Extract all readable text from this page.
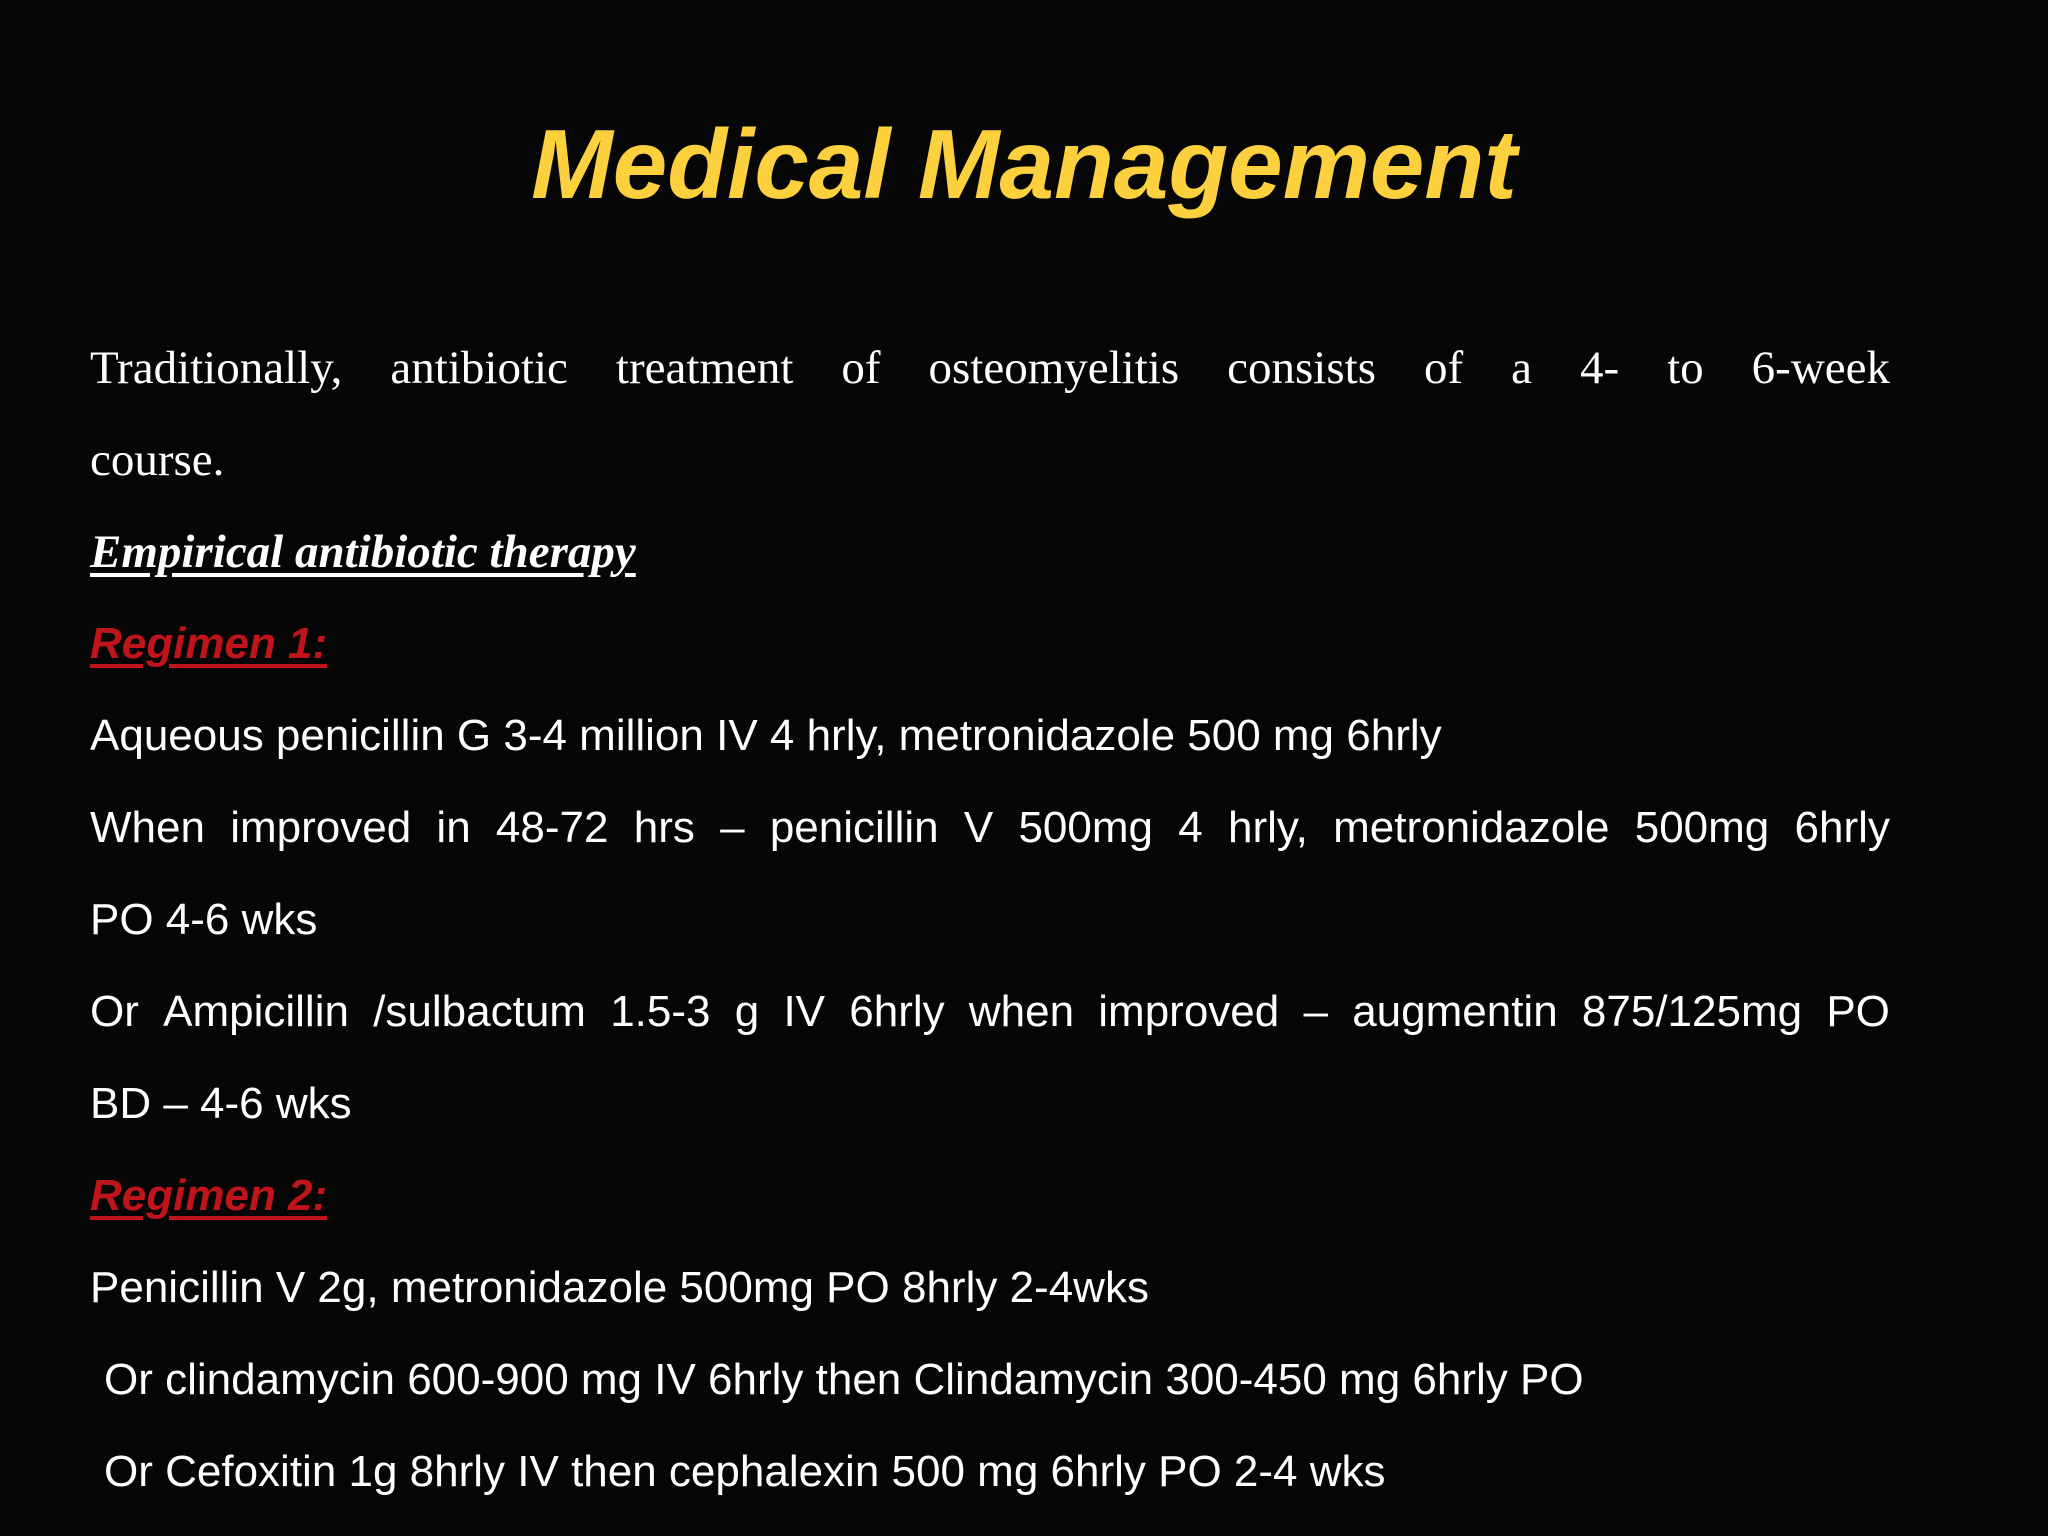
Medical Management
Traditionally, antibiotic treatment of osteomyelitis consists of a 4- to 6-week
course.
Empirical antibiotic therapy
Regimen 1:
Aqueous penicillin G 3-4 million IV 4 hrly, metronidazole 500 mg 6hrly
When improved in 48-72 hrs – penicillin V 500mg 4 hrly, metronidazole 500mg 6hrly
PO 4-6 wks
Or Ampicillin /sulbactum 1.5-3 g IV 6hrly when improved – augmentin 875/125mg PO
BD – 4-6 wks
Regimen 2:
Penicillin V 2g, metronidazole 500mg PO 8hrly 2-4wks
Or clindamycin 600-900 mg IV 6hrly then Clindamycin 300-450 mg 6hrly PO
Or Cefoxitin 1g 8hrly IV then cephalexin 500 mg 6hrly PO 2-4 wks
